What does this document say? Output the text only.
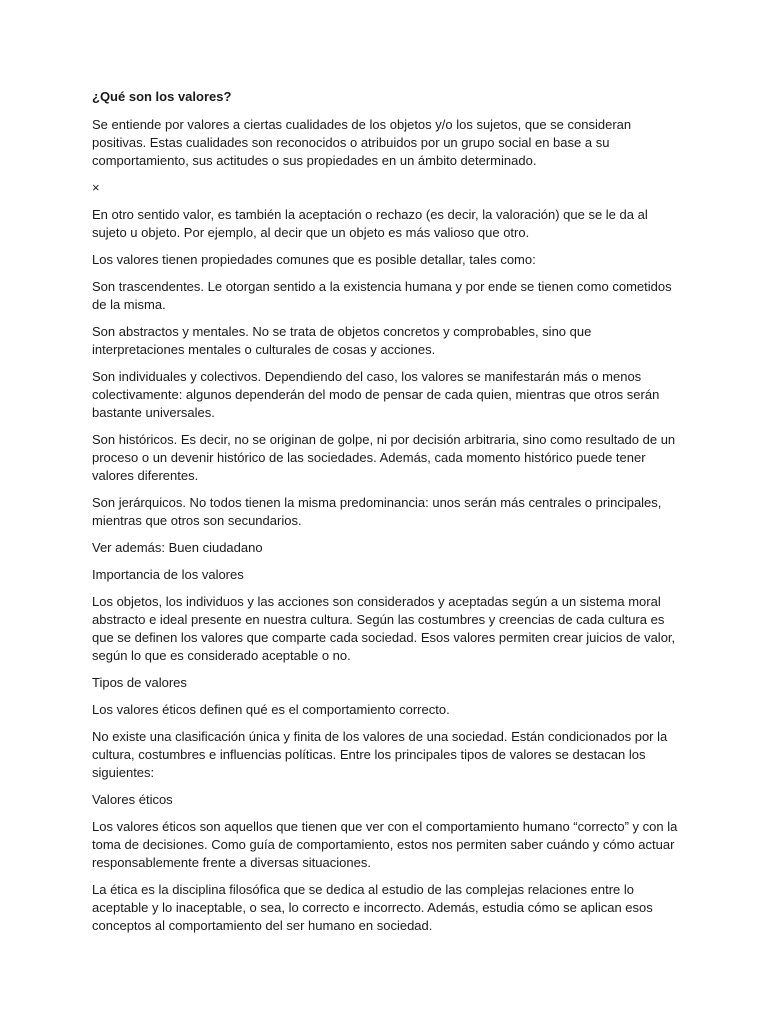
¿Qué son los valores?

Se entiende por valores a ciertas cualidades de los objetos y/o los sujetos, que se consideran positivas. Estas cualidades son reconocidos o atribuidos por un grupo social en base a su comportamiento, sus actitudes o sus propiedades en un ámbito determinado.

×

En otro sentido valor, es también la aceptación o rechazo (es decir, la valoración) que se le da al sujeto u objeto. Por ejemplo, al decir que un objeto es más valioso que otro.

Los valores tienen propiedades comunes que es posible detallar, tales como:

Son trascendentes. Le otorgan sentido a la existencia humana y por ende se tienen como cometidos de la misma.

Son abstractos y mentales. No se trata de objetos concretos y comprobables, sino que interpretaciones mentales o culturales de cosas y acciones.

Son individuales y colectivos. Dependiendo del caso, los valores se manifestarán más o menos colectivamente: algunos dependerán del modo de pensar de cada quien, mientras que otros serán bastante universales.

Son históricos. Es decir, no se originan de golpe, ni por decisión arbitraria, sino como resultado de un proceso o un devenir histórico de las sociedades. Además, cada momento histórico puede tener valores diferentes.

Son jerárquicos. No todos tienen la misma predominancia: unos serán más centrales o principales, mientras que otros son secundarios.

Ver además: Buen ciudadano

Importancia de los valores

Los objetos, los individuos y las acciones son considerados y aceptadas según a un sistema moral abstracto e ideal presente en nuestra cultura. Según las costumbres y creencias de cada cultura es que se definen los valores que comparte cada sociedad. Esos valores permiten crear juicios de valor, según lo que es considerado aceptable o no.

Tipos de valores

Los valores éticos definen qué es el comportamiento correcto.

No existe una clasificación única y finita de los valores de una sociedad. Están condicionados por la cultura, costumbres e influencias políticas. Entre los principales tipos de valores se destacan los siguientes:

Valores éticos

Los valores éticos son aquellos que tienen que ver con el comportamiento humano “correcto” y con la toma de decisiones. Como guía de comportamiento, estos nos permiten saber cuándo y cómo actuar responsablemente frente a diversas situaciones.

La ética es la disciplina filosófica que se dedica al estudio de las complejas relaciones entre lo aceptable y lo inaceptable, o sea, lo correcto e incorrecto. Además, estudia cómo se aplican esos conceptos al comportamiento del ser humano en sociedad.
